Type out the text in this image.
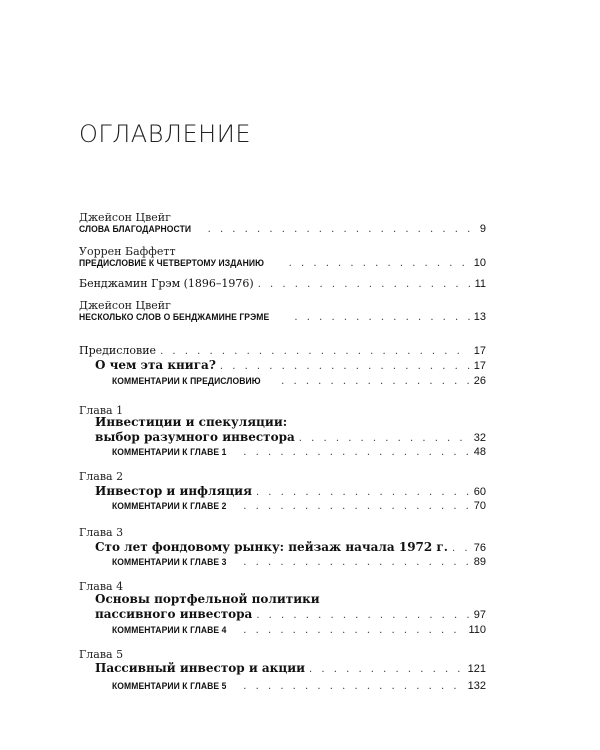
ОГЛАВЛЕНИЕ
Джейсон Цвейг
СЛОВА БЛАГОДАРНОСТИ . . .	9
Уоррен Баффетт
ПРЕДИСЛОВИЕ К ЧЕТВЕРТОМУ ИЗДАНИЮ . . .	10
Бенджамин Грэм (1896–1976) . . .	11
Джейсон Цвейг
НЕСКОЛЬКО СЛОВ О БЕНДЖАМИНЕ ГРЭМЕ . . .	13
Предисловие . . .	17
О чем эта книга? . . .	17
КОММЕНТАРИИ К ПРЕДИСЛОВИЮ . . .	26
Глава 1
Инвестиции и спекуляции:
выбор разумного инвестора . . .	32
КОММЕНТАРИИ К ГЛАВЕ 1 . . .	48
Глава 2
Инвестор и инфляция . . .	60
КОММЕНТАРИИ К ГЛАВЕ 2 . . .	70
Глава 3
Сто лет фондовому рынку: пейзаж начала 1972 г. . . . 76
КОММЕНТАРИИ К ГЛАВЕ 3 . . .	89
Глава 4
Основы портфельной политики
пассивного инвестора . . .	97
КОММЕНТАРИИ К ГЛАВЕ 4 . . .	110
Глава 5
Пассивный инвестор и акции . . .	121
КОММЕНТАРИИ К ГЛАВЕ 5 . . .	132
